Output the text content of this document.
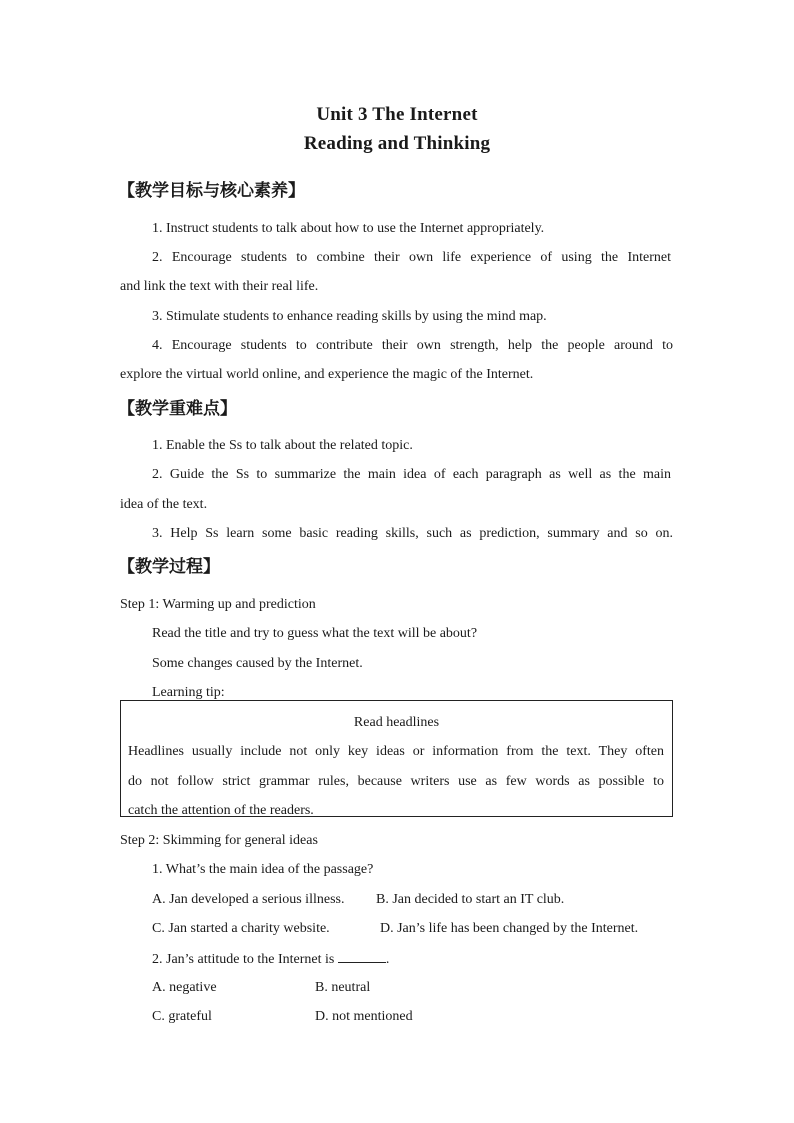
Unit 3 The Internet
Reading and Thinking
【教学目标与核心素养】
1. Instruct students to talk about how to use the Internet appropriately.
2. Encourage students to combine their own life experience of using the Internet
and link the text with their real life.
3. Stimulate students to enhance reading skills by using the mind map.
4. Encourage students to contribute their own strength, help the people around to
explore the virtual world online, and experience the magic of the Internet.
【教学重难点】
1. Enable the Ss to talk about the related topic.
2. Guide the Ss to summarize the main idea of each paragraph as well as the main
idea of the text.
3. Help Ss learn some basic reading skills, such as prediction, summary and so on.
【教学过程】
Step 1: Warming up and prediction
Read the title and try to guess what the text will be about?
Some changes caused by the Internet.
Learning tip:
Read headlines
Headlines usually include not only key ideas or information from the text. They often
do not follow strict grammar rules, because writers use as few words as possible to
catch the attention of the readers.
Step 2: Skimming for general ideas
1. What’s the main idea of the passage?
A. Jan developed a serious illness. B. Jan decided to start an IT club.
C. Jan started a charity website.	D. Jan’s life has been changed by the Internet.
2. Jan’s attitude to the Internet is	.
A. negative	B. neutral
C. grateful	D. not mentioned
